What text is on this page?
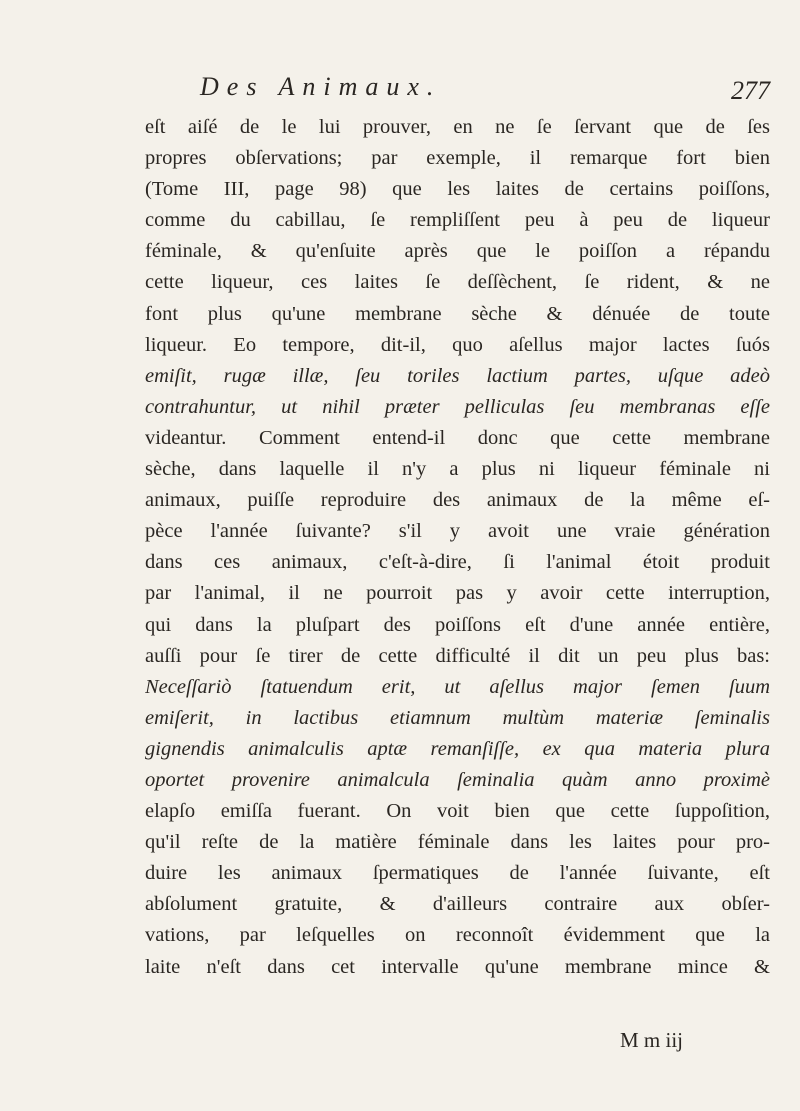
Des Animaux.	277
eſt aiſé de le lui prouver, en ne ſe ſervant que de ſes
propres obſervations; par exemple, il remarque fort bien
(Tome III, page 98) que les laites de certains poiſſons,
comme du cabillau, ſe rempliſſent peu à peu de liqueur
féminale, & qu'enſuite après que le poiſſon a répandu
cette liqueur, ces laites ſe deſſèchent, ſe rident, & ne
font plus qu'une membrane sèche & dénuée de toute
liqueur. Eo tempore, dit-il, quo aſellus major lactes ſuós
emiſit, rugæ illæ, ſeu toriles lactium partes, uſque adeò
contrahuntur, ut nihil præter pelliculas ſeu membranas eſſe
videantur. Comment entend-il donc que cette membrane
sèche, dans laquelle il n'y a plus ni liqueur féminale ni
animaux, puiſſe reproduire des animaux de la même eſ-
pèce l'année ſuivante? s'il y avoit une vraie génération
dans ces animaux, c'eſt-à-dire, ſi l'animal étoit produit
par l'animal, il ne pourroit pas y avoir cette interruption,
qui dans la pluſpart des poiſſons eſt d'une année entière,
auſſi pour ſe tirer de cette difficulté il dit un peu plus bas:
Neceſſariò ſtatuendum erit, ut aſellus major ſemen ſuum
emiſerit, in lactibus etiamnum multùm materiæ ſeminalis
gignendis animalculis aptæ remanſiſſe, ex qua materia plura
oportet provenire animalcula ſeminalia quàm anno proximè
elapſo emiſſa fuerant. On voit bien que cette ſuppoſition,
qu'il reſte de la matière féminale dans les laites pour pro-
duire les animaux ſpermatiques de l'année ſuivante, eſt
abſolument gratuite, & d'ailleurs contraire aux obſer-
vations, par leſquelles on reconnoît évidemment que la
laite n'eſt dans cet intervalle qu'une membrane mince &
M m iij
